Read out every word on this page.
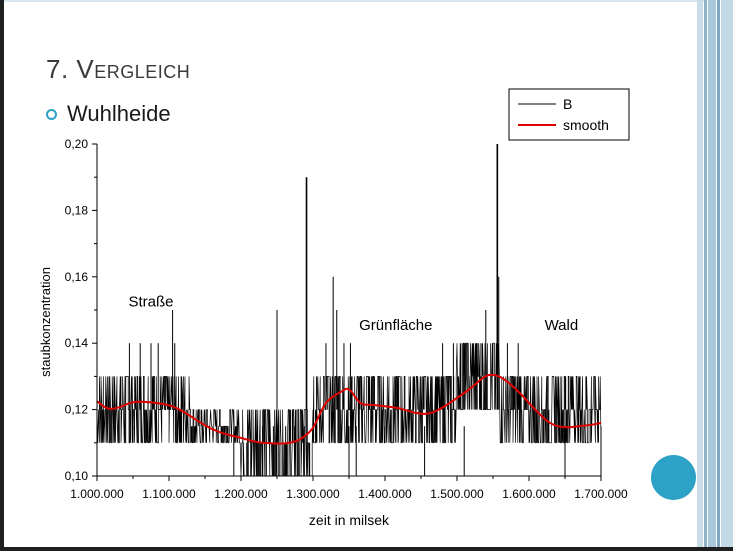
7. Vergleich
Wuhlheide
0,10
0,12
0,14
0,16
0,18
0,20
1.000.000 1.100.000 1.200.000 1.300.000 1.400.000 1.500.000 1.600.000 1.700.000
zeit in milsek
staubkonzentration	Straße
Grünfläche	Wald
B
smooth
